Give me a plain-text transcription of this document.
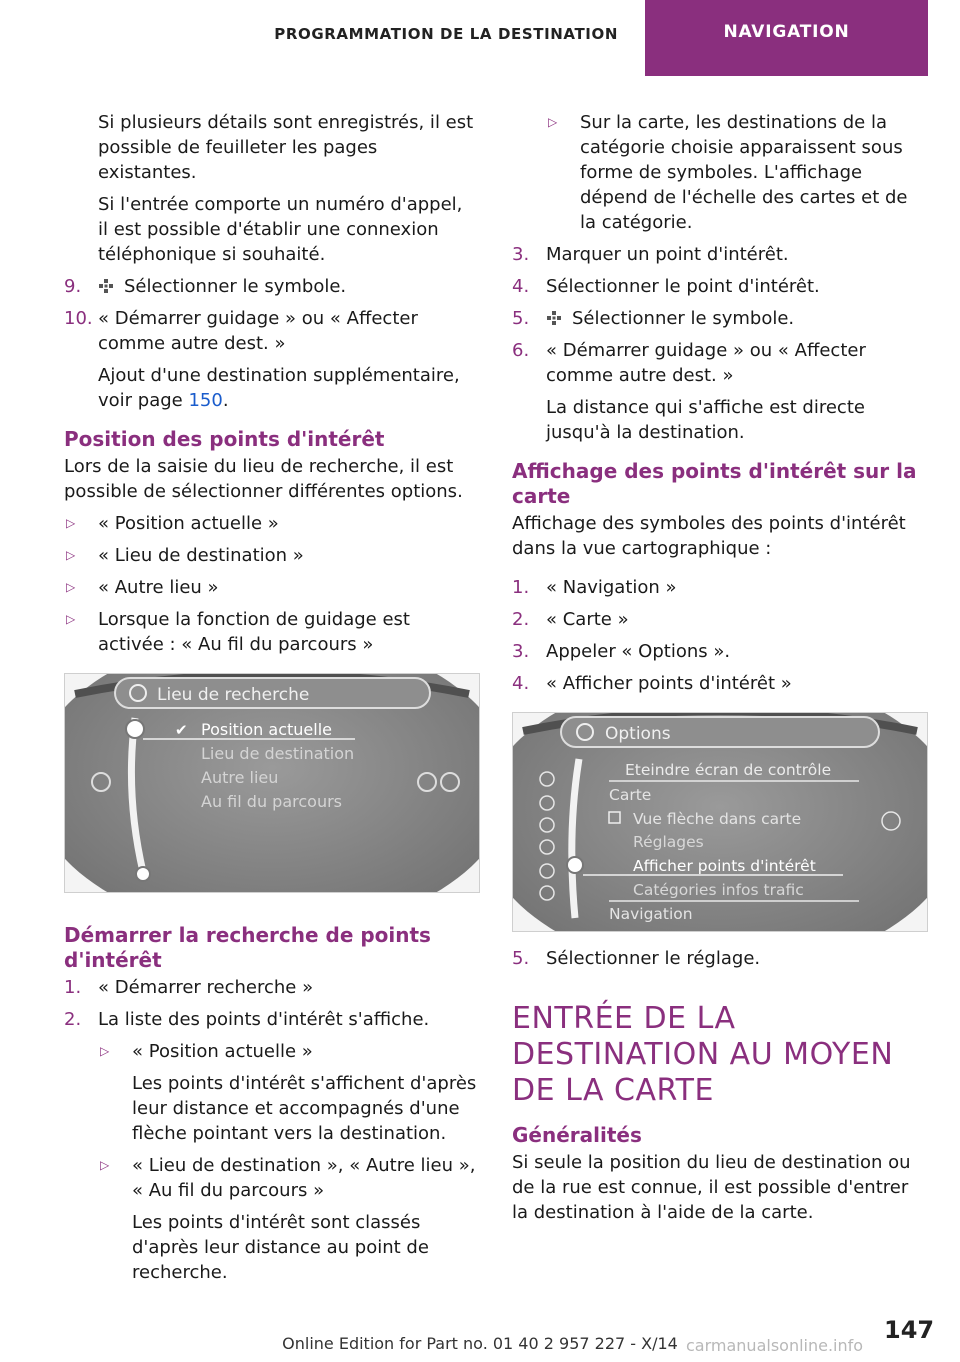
PROGRAMMATION DE LA DESTINATION	NAVIGATION

Si plusieurs détails sont enregistrés, il est possible de feuilleter les pages existantes.

Si l'entrée comporte un numéro d'appel, il est possible d'établir une connexion téléphonique si souhaité.

9. Sélectionner le symbole.
10. « Démarrer guidage » ou « Affecter comme autre dest. »

Ajout d'une destination supplémentaire, voir page 150.

Position des points d'intérêt

Lors de la saisie du lieu de recherche, il est possible de sélectionner différentes options.

▷ « Position actuelle »
▷ « Lieu de destination »
▷ « Autre lieu »
▷ Lorsque la fonction de guidage est activée : « Au fil du parcours »
Lieu de recherche
✔ Position actuelle
Lieu de destination
Autre lieu
Au fil du parcours
Démarrer la recherche de points d'intérêt
1. « Démarrer recherche »
2. La liste des points d'intérêt s'affiche.
▷ « Position actuelle »

Les points d'intérêt s'affichent d'après leur distance et accompagnés d'une flèche pointant vers la destination.

▷ « Lieu de destination », « Autre lieu », « Au fil du parcours »

Les points d'intérêt sont classés d'après leur distance au point de recherche.

▷ Sur la carte, les destinations de la catégorie choisie apparaissent sous forme de symboles. L'affichage dépend de l'échelle des cartes et de la catégorie.
3. Marquer un point d'intérêt.
4. Sélectionner le point d'intérêt.
5. Sélectionner le symbole.
6. « Démarrer guidage » ou « Affecter comme autre dest. »

La distance qui s'affiche est directe jusqu'à la destination.

Affichage des points d'intérêt sur la carte

Affichage des symboles des points d'intérêt dans la vue cartographique :

1. « Navigation »
2. « Carte »
3. Appeler « Options ».
4. « Afficher points d'intérêt »
Options
Eteindre écran de contrôle
Carte
Vue flèche dans carte
Réglages
Afficher points d'intérêt
Catégories infos trafic
Navigation
5. Sélectionner le réglage.
ENTRÉE DE LA DESTINATION AU MOYEN DE LA CARTE
Généralités

Si seule la position du lieu de destination ou de la rue est connue, il est possible d'entrer la destination à l'aide de la carte.

147
Online Edition for Part no. 01 40 2 957 227 - X/14 carmanualsonline.info
